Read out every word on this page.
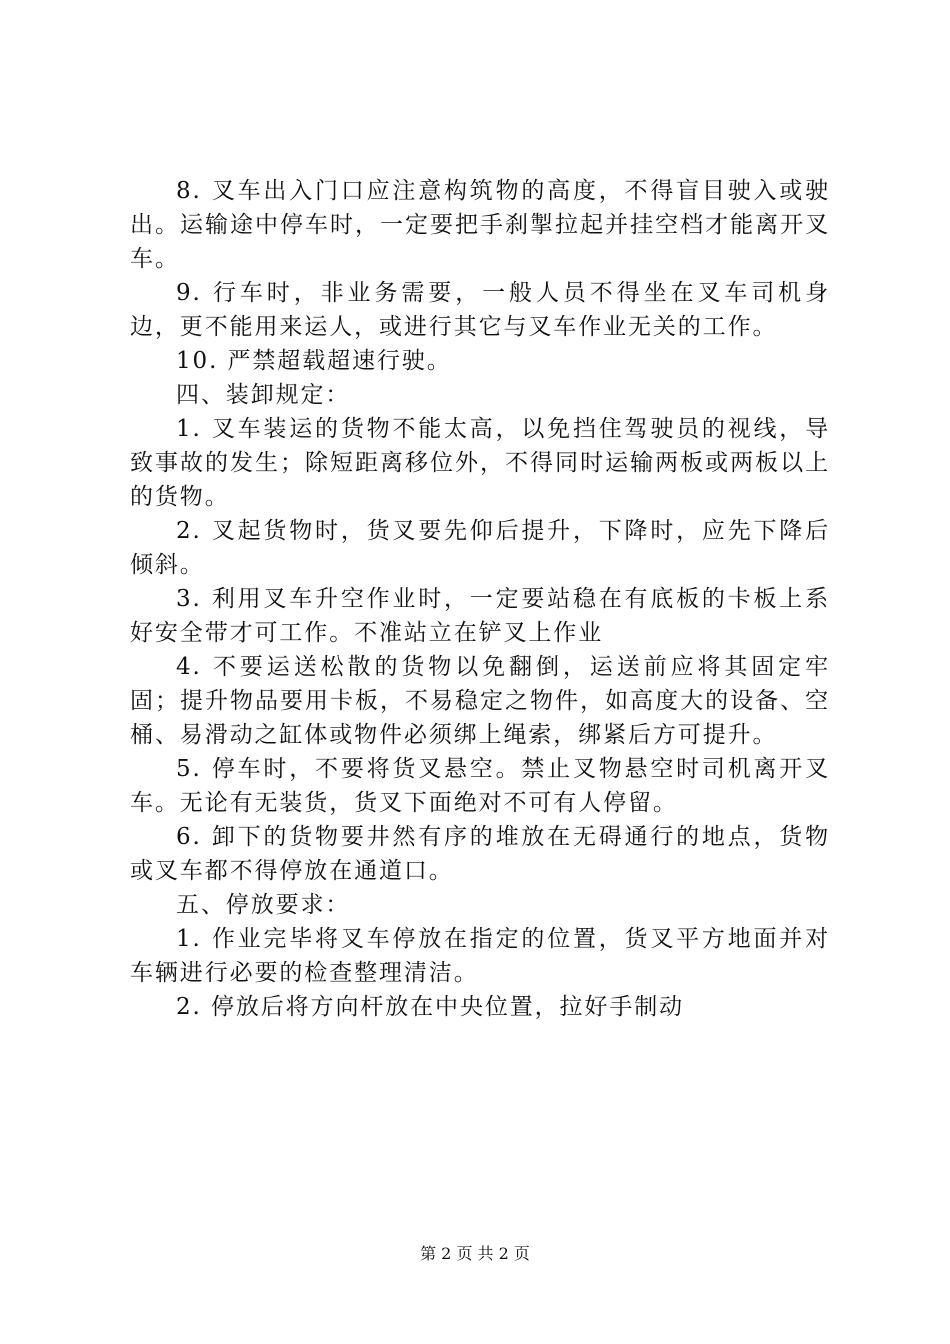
8. 叉车出入门口应注意构筑物的高度，不得盲目驶入或驶出。运输途中停车时，一定要把手刹掣拉起并挂空档才能离开叉车。

9. 行车时，非业务需要，一般人员不得坐在叉车司机身边，更不能用来运人，或进行其它与叉车作业无关的工作。

10. 严禁超载超速行驶。

四、装卸规定：

1. 叉车装运的货物不能太高，以免挡住驾驶员的视线，导致事故的发生；除短距离移位外，不得同时运输两板或两板以上的货物。

2. 叉起货物时，货叉要先仰后提升，下降时，应先下降后倾斜。

3. 利用叉车升空作业时，一定要站稳在有底板的卡板上系好安全带才可工作。不准站立在铲叉上作业

4. 不要运送松散的货物以免翻倒，运送前应将其固定牢固；提升物品要用卡板，不易稳定之物件，如高度大的设备、空桶、易滑动之缸体或物件必须绑上绳索，绑紧后方可提升。

5. 停车时，不要将货叉悬空。禁止叉物悬空时司机离开叉车。无论有无装货，货叉下面绝对不可有人停留。

6. 卸下的货物要井然有序的堆放在无碍通行的地点，货物或叉车都不得停放在通道口。

五、停放要求：

1. 作业完毕将叉车停放在指定的位置，货叉平方地面并对车辆进行必要的检查整理清洁。

2. 停放后将方向杆放在中央位置，拉好手制动

第 2 页 共 2 页
